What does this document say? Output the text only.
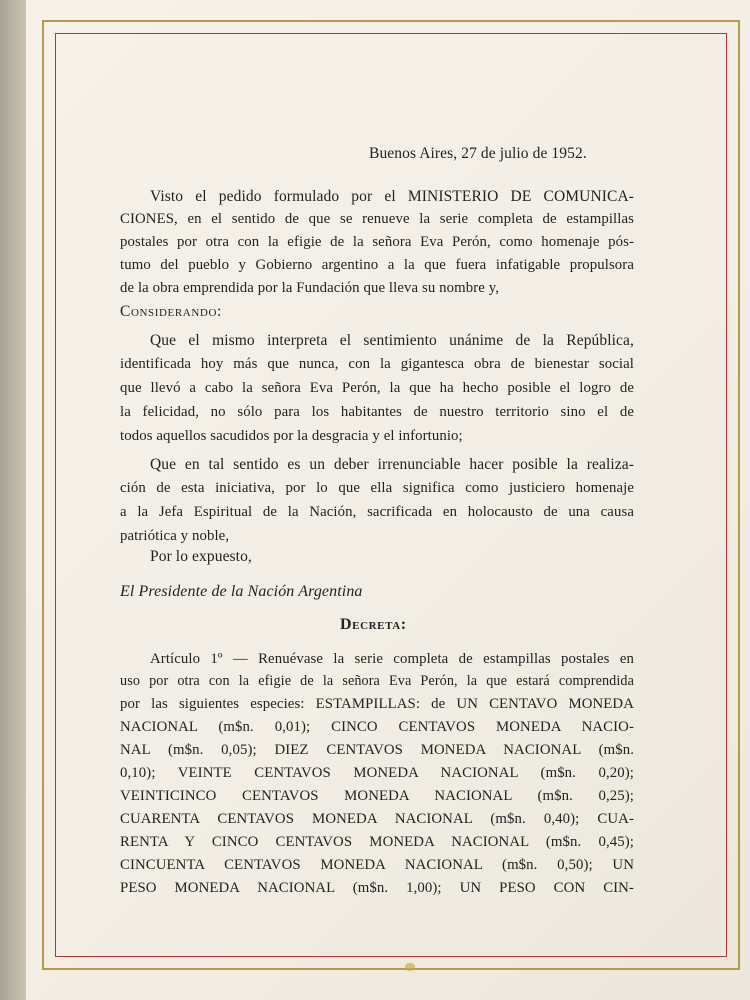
Buenos Aires, 27 de julio de 1952.
Visto el pedido formulado por el MINISTERIO DE COMUNICA-
CIONES, en el sentido de que se renueve la serie completa de estampillas
postales por otra con la efigie de la señora Eva Perón, como homenaje pós-
tumo del pueblo y Gobierno argentino a la que fuera infatigable propulsora
de la obra emprendida por la Fundación que lleva su nombre y,
Considerando:
Que el mismo interpreta el sentimiento unánime de la República,
identificada hoy más que nunca, con la gigantesca obra de bienestar social
que llevó a cabo la señora Eva Perón, la que ha hecho posible el logro de
la felicidad, no sólo para los habitantes de nuestro territorio sino el de
todos aquellos sacudidos por la desgracia y el infortunio;
Que en tal sentido es un deber irrenunciable hacer posible la realiza-
ción de esta iniciativa, por lo que ella significa como justiciero homenaje
a la Jefa Espiritual de la Nación, sacrificada en holocausto de una causa
patriótica y noble,
Por lo expuesto,
El Presidente de la Nación Argentina
Decreta:
Artículo 1º — Renuévase la serie completa de estampillas postales en
uso por otra con la efigie de la señora Eva Perón, la que estará comprendida
por las siguientes especies: ESTAMPILLAS: de UN CENTAVO MONEDA
NACIONAL (m$n. 0,01); CINCO CENTAVOS MONEDA NACIO-
NAL (m$n. 0,05); DIEZ CENTAVOS MONEDA NACIONAL (m$n.
0,10); VEINTE CENTAVOS MONEDA NACIONAL (m$n. 0,20);
VEINTICINCO CENTAVOS MONEDA NACIONAL (m$n. 0,25);
CUARENTA CENTAVOS MONEDA NACIONAL (m$n. 0,40); CUA-
RENTA Y CINCO CENTAVOS MONEDA NACIONAL (m$n. 0,45);
CINCUENTA CENTAVOS MONEDA NACIONAL (m$n. 0,50); UN
PESO MONEDA NACIONAL (m$n. 1,00); UN PESO CON CIN-
